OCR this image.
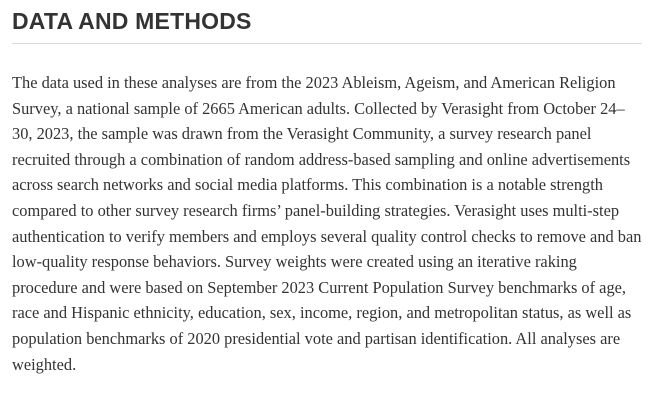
DATA AND METHODS

The data used in these analyses are from the 2023 Ableism, Ageism, and American Religion Survey, a national sample of 2665 American adults. Collected by Verasight from October 24–30, 2023, the sample was drawn from the Verasight Community, a survey research panel recruited through a combination of random address-based sampling and online advertisements across search networks and social media platforms. This combination is a notable strength compared to other survey research firms’ panel-building strategies. Verasight uses multi-step authentication to verify members and employs several quality control checks to remove and ban low-quality response behaviors. Survey weights were created using an iterative raking procedure and were based on September 2023 Current Population Survey benchmarks of age, race and Hispanic ethnicity, education, sex, income, region, and metropolitan status, as well as population benchmarks of 2020 presidential vote and partisan identification. All analyses are weighted.
